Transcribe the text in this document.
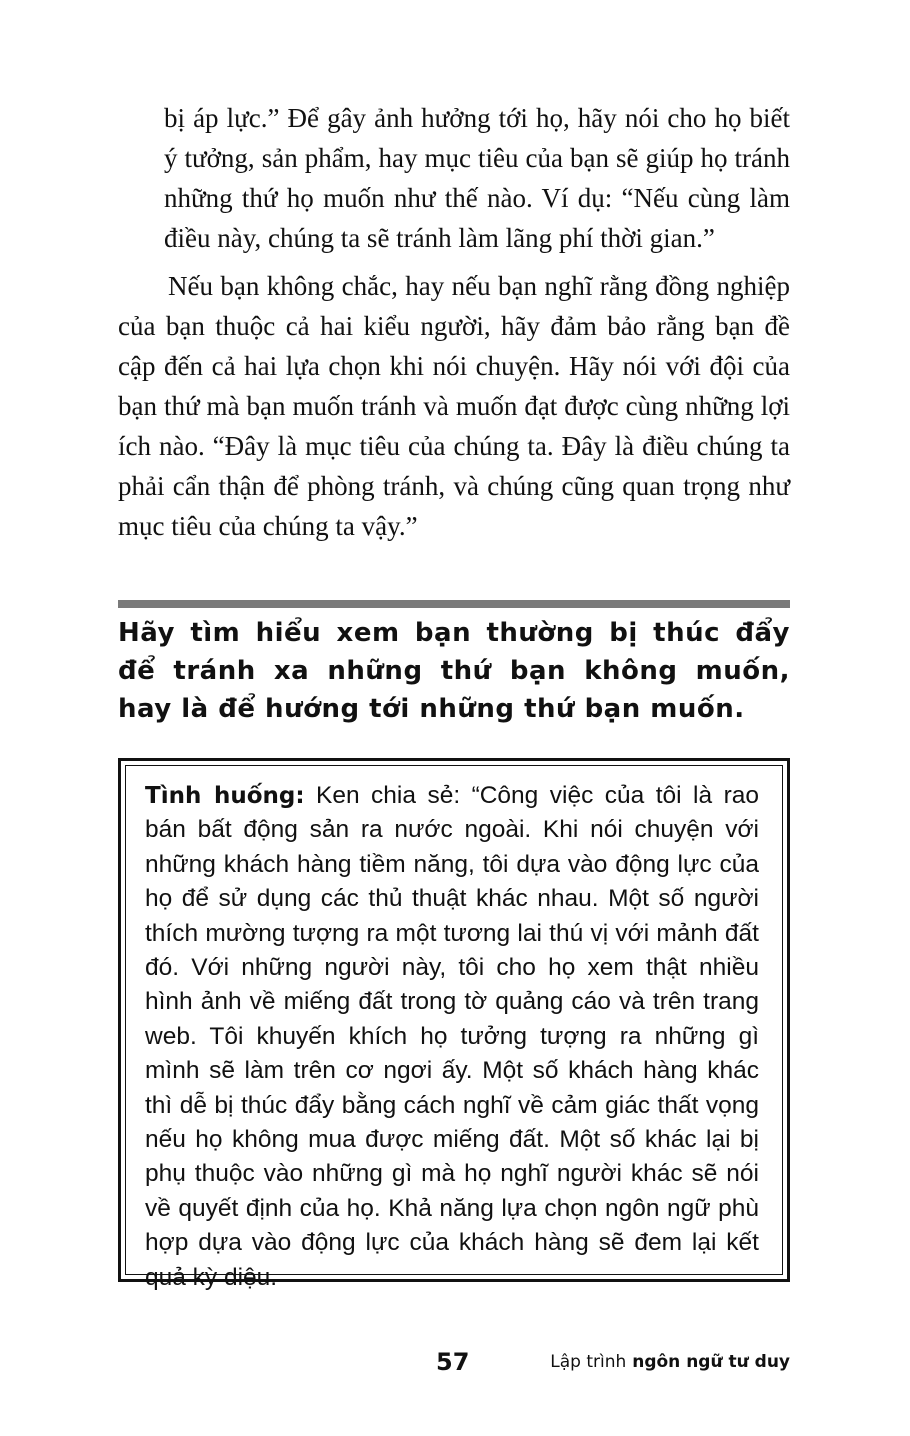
bị áp lực.” Để gây ảnh hưởng tới họ, hãy nói cho họ biết ý tưởng, sản phẩm, hay mục tiêu của bạn sẽ giúp họ tránh những thứ họ muốn như thế nào. Ví dụ: “Nếu cùng làm điều này, chúng ta sẽ tránh làm lãng phí thời gian.”

Nếu bạn không chắc, hay nếu bạn nghĩ rằng đồng nghiệp của bạn thuộc cả hai kiểu người, hãy đảm bảo rằng bạn đề cập đến cả hai lựa chọn khi nói chuyện. Hãy nói với đội của bạn thứ mà bạn muốn tránh và muốn đạt được cùng những lợi ích nào. “Đây là mục tiêu của chúng ta. Đây là điều chúng ta phải cẩn thận để phòng tránh, và chúng cũng quan trọng như mục tiêu của chúng ta vậy.”

Hãy tìm hiểu xem bạn thường bị thúc đẩy để tránh xa những thứ bạn không muốn, hay là để hướng tới những thứ bạn muốn.

Tình huống: Ken chia sẻ: “Công việc của tôi là rao bán bất động sản ra nước ngoài. Khi nói chuyện với những khách hàng tiềm năng, tôi dựa vào động lực của họ để sử dụng các thủ thuật khác nhau. Một số người thích mường tượng ra một tương lai thú vị với mảnh đất đó. Với những người này, tôi cho họ xem thật nhiều hình ảnh về miếng đất trong tờ quảng cáo và trên trang web. Tôi khuyến khích họ tưởng tượng ra những gì mình sẽ làm trên cơ ngơi ấy. Một số khách hàng khác thì dễ bị thúc đẩy bằng cách nghĩ về cảm giác thất vọng nếu họ không mua được miếng đất. Một số khác lại bị phụ thuộc vào những gì mà họ nghĩ người khác sẽ nói về quyết định của họ. Khả năng lựa chọn ngôn ngữ phù hợp dựa vào động lực của khách hàng sẽ đem lại kết quả kỳ diệu.

57	Lập trình ngôn ngữ tư duy
